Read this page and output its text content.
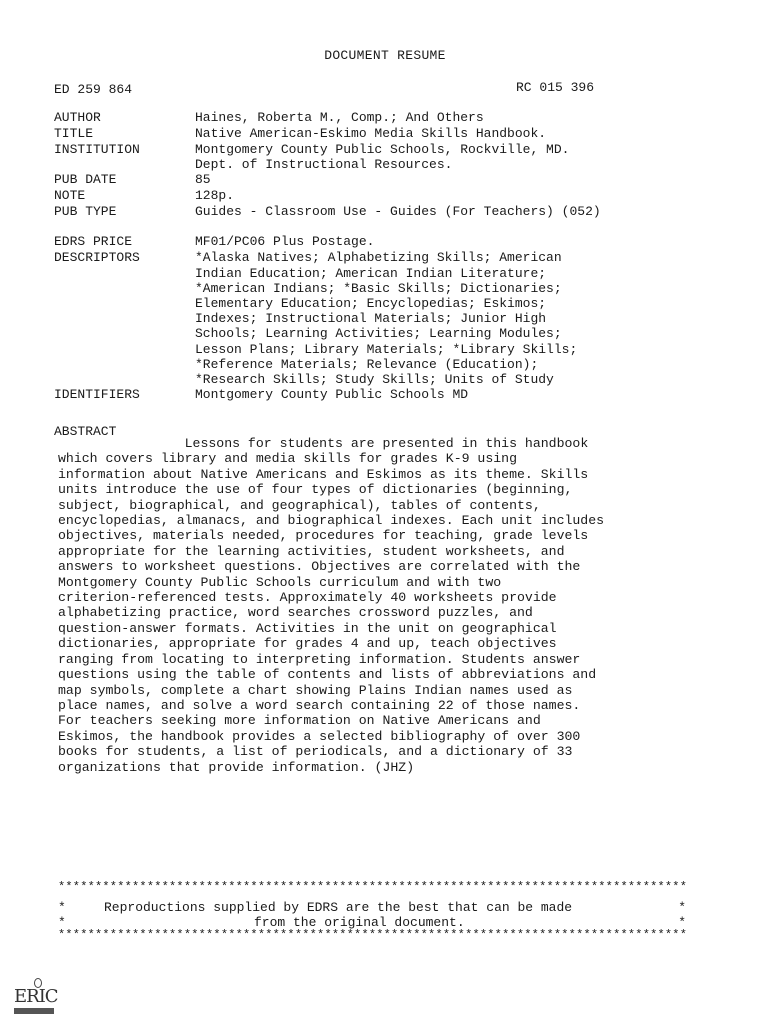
DOCUMENT RESUME
ED 259 864	RC 015 396
AUTHOR	Haines, Roberta M., Comp.; And Others
TITLE	Native American-Eskimo Media Skills Handbook.
INSTITUTION	Montgomery County Public Schools, Rockville, MD.
Dept. of Instructional Resources.
PUB DATE	85
NOTE	128p.
PUB TYPE	Guides - Classroom Use - Guides (For Teachers) (052)
EDRS PRICE	MF01/PC06 Plus Postage.
DESCRIPTORS	*Alaska Natives; Alphabetizing Skills; American
Indian Education; American Indian Literature;
*American Indians; *Basic Skills; Dictionaries;
Elementary Education; Encyclopedias; Eskimos;
Indexes; Instructional Materials; Junior High
Schools; Learning Activities; Learning Modules;
Lesson Plans; Library Materials; *Library Skills;
*Reference Materials; Relevance (Education);
*Research Skills; Study Skills; Units of Study
IDENTIFIERS	Montgomery County Public Schools MD
ABSTRACT
Lessons for students are presented in this handbook
which covers library and media skills for grades K-9 using
information about Native Americans and Eskimos as its theme. Skills
units introduce the use of four types of dictionaries (beginning,
subject, biographical, and geographical), tables of contents,
encyclopedias, almanacs, and biographical indexes. Each unit includes
objectives, materials needed, procedures for teaching, grade levels
appropriate for the learning activities, student worksheets, and
answers to worksheet questions. Objectives are correlated with the
Montgomery County Public Schools curriculum and with two
criterion-referenced tests. Approximately 40 worksheets provide
alphabetizing practice, word searches crossword puzzles, and
question-answer formats. Activities in the unit on geographical
dictionaries, appropriate for grades 4 and up, teach objectives
ranging from locating to interpreting information. Students answer
questions using the table of contents and lists of abbreviations and
map symbols, complete a chart showing Plains Indian names used as
place names, and solve a word search containing 22 of those names.
For teachers seeking more information on Native Americans and
Eskimos, the handbook provides a selected bibliography of over 300
books for students, a list of periodicals, and a dictionary of 33
organizations that provide information. (JHZ)
*************************************************************************************
*	Reproductions supplied by EDRS are the best that can be made	*
*	from the original document.	*
*************************************************************************************
ERIC
